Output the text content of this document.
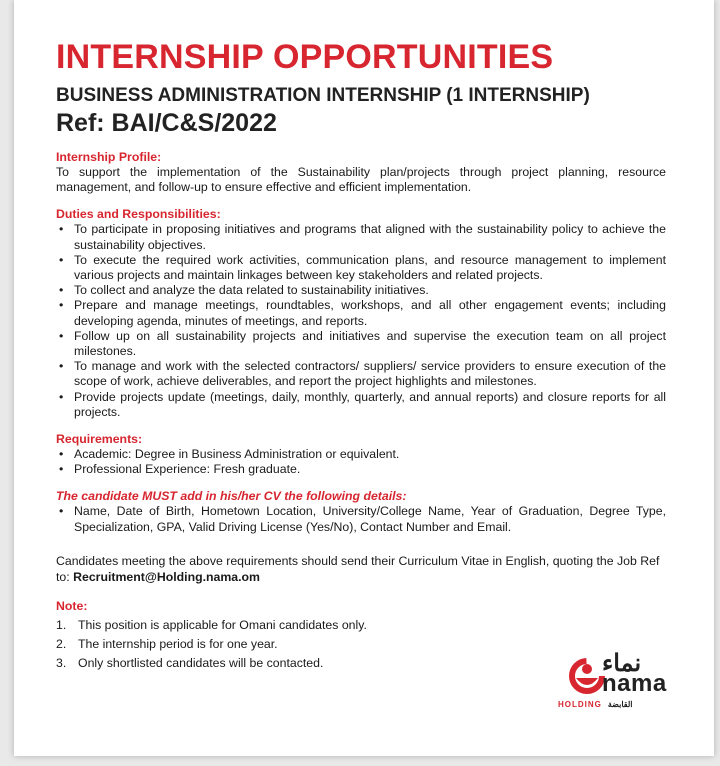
INTERNSHIP OPPORTUNITIES
BUSINESS ADMINISTRATION INTERNSHIP (1 INTERNSHIP)
Ref: BAI/C&S/2022
Internship Profile:
To support the implementation of the Sustainability plan/projects through project planning, resource management, and follow-up to ensure effective and efficient implementation.
Duties and Responsibilities:
• To participate in proposing initiatives and programs that aligned with the sustainability policy to achieve the sustainability objectives.
• To execute the required work activities, communication plans, and resource management to implement various projects and maintain linkages between key stakeholders and related projects.
• To collect and analyze the data related to sustainability initiatives.
• Prepare and manage meetings, roundtables, workshops, and all other engagement events; including developing agenda, minutes of meetings, and reports.
• Follow up on all sustainability projects and initiatives and supervise the execution team on all project milestones.
• To manage and work with the selected contractors/ suppliers/ service providers to ensure execution of the scope of work, achieve deliverables, and report the project highlights and milestones.
• Provide projects update (meetings, daily, monthly, quarterly, and annual reports) and closure reports for all projects.
Requirements:
• Academic: Degree in Business Administration or equivalent.
• Professional Experience: Fresh graduate.
The candidate MUST add in his/her CV the following details:
• Name, Date of Birth, Hometown Location, University/College Name, Year of Graduation, Degree Type, Specialization, GPA, Valid Driving License (Yes/No), Contact Number and Email.
Candidates meeting the above requirements should send their Curriculum Vitae in English, quoting the Job Ref to: Recruitment@Holding.nama.om
Note:
1. This position is applicable for Omani candidates only.
2. The internship period is for one year.
3. Only shortlisted candidates will be contacted.	نماء
nama
HOLDING القابضة
